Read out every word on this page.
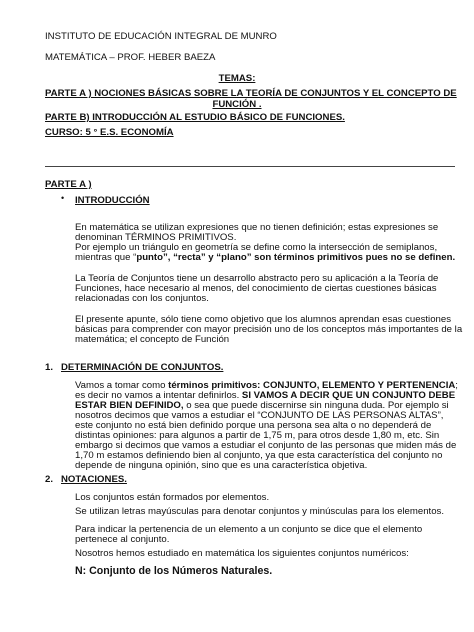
INSTITUTO DE EDUCACIÓN INTEGRAL DE MUNRO
MATEMÁTICA – PROF. HEBER BAEZA
TEMAS:
PARTE A ) NOCIONES BÁSICAS SOBRE LA TEORÍA DE CONJUNTOS Y EL CONCEPTO DE
FUNCIÓN .
PARTE B) INTRODUCCIÓN AL ESTUDIO BÁSICO DE FUNCIONES.
CURSO: 5 ° E.S. ECONOMÍA
PARTE A )
• INTRODUCCIÓN
En matemática se utilizan expresiones que no tienen definición; estas expresiones se
denominan TÉRMINOS PRIMITIVOS.
Por ejemplo un triángulo en geometría se define como la intersección de semiplanos,
mientras que “punto”, “recta” y “plano” son términos primitivos pues no se definen.
La Teoría de Conjuntos tiene un desarrollo abstracto pero su aplicación a la Teoría de
Funciones, hace necesario al menos, del conocimiento de ciertas cuestiones básicas
relacionadas con los conjuntos.
El presente apunte, sólo tiene como objetivo que los alumnos aprendan esas cuestiones
básicas para comprender con mayor precisión uno de los conceptos más importantes de la
matemática; el concepto de Función
1. DETERMINACIÓN DE CONJUNTOS.
Vamos a tomar como términos primitivos: CONJUNTO, ELEMENTO Y PERTENENCIA;
es decir no vamos a intentar definirlos. SI VAMOS A DECIR QUE UN CONJUNTO DEBE
ESTAR BIEN DEFINIDO, o sea que puede discernirse sin ninguna duda. Por ejemplo si
nosotros decimos que vamos a estudiar el “CONJUNTO DE LAS PERSONAS ALTAS”,
este conjunto no está bien definido porque una persona sea alta o no dependerá de
distintas opiniones: para algunos a partir de 1,75 m, para otros desde 1,80 m, etc. Sin
embargo si decimos que vamos a estudiar el conjunto de las personas que miden más de
1,70 m estamos definiendo bien al conjunto, ya que esta característica del conjunto no
depende de ninguna opinión, sino que es una característica objetiva.
2. NOTACIONES.
Los conjuntos están formados por elementos.
Se utilizan letras mayúsculas para denotar conjuntos y minúsculas para los elementos.
Para indicar la pertenencia de un elemento a un conjunto se dice que el elemento
pertenece al conjunto.
Nosotros hemos estudiado en matemática los siguientes conjuntos numéricos:
N: Conjunto de los Números Naturales.
